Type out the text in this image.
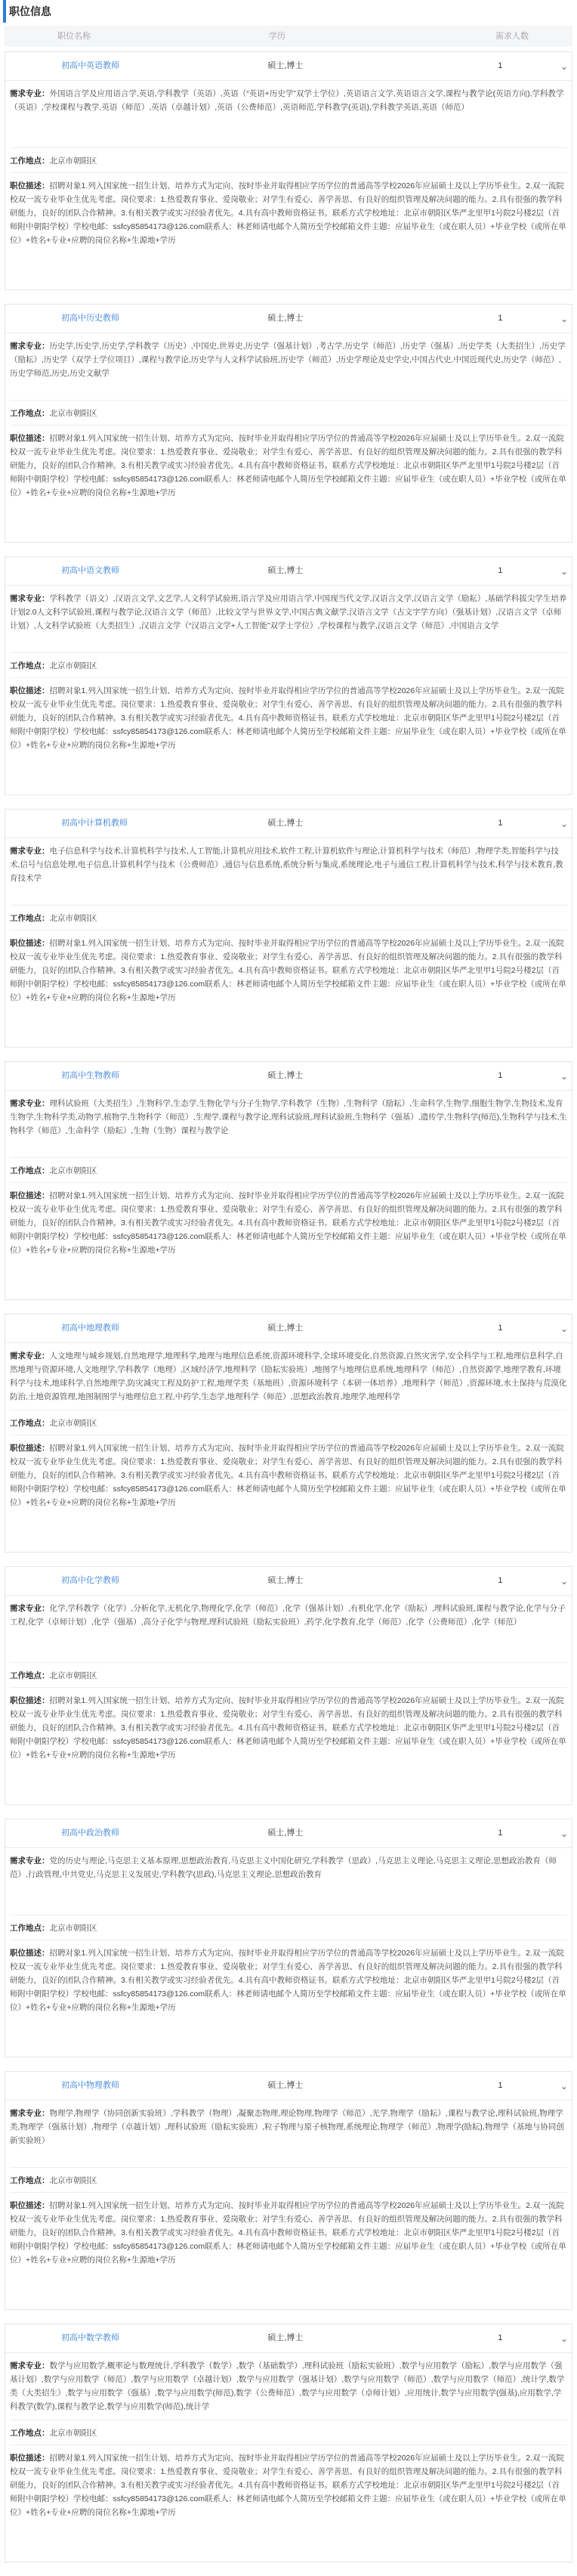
职位信息
职位名称	学历	需求人数
初高中英语教师	硕士,博士	1	⌄
需求专业：外国语言学及应用语言学,英语,学科教学（英语）,英语（“英语+历史学”双学士学位）,英语语言文学,英语语言文学,课程与教学论(英语方向),学科教学（英语）,学校课程与教学,英语（师范）,英语（卓越计划）,英语（公费师范）,英语师范,学科教学(英语),学科教学英语,英语（师范）
工作地点：北京市朝阳区
职位描述：招聘对象1.列入国家统一招生计划、培养方式为定向、按时毕业并取得相应学历学位的普通高等学校2026年应届硕士及以上学历毕业生。2.双一流院校双一流专业毕业生优先考虑。岗位要求：1.热爱教育事业、爱岗敬业；对学生有爱心、善学善思、有良好的组织管理及解决问题的能力。2.具有很强的教学科研能力，良好的团队合作精神。3.有相关教学或实习经验者优先。4.具有高中教师资格证书。联系方式学校地址：北京市朝阳区华严北里甲1号院2号楼2层（首师附中朝阳学校）学校电邮：ssfcy85854173@126.com联系人：林老师请电邮个人简历至学校邮箱文件主题：应届毕业生（或在职人员）+毕业学校（或所在单位）+姓名+专业+应聘的岗位名称+生源地+学历
初高中历史教师	硕士,博士	1	⌄
需求专业：历史学,历史学,历史学,学科教学（历史）,中国史,世界史,历史学（强基计划）,考古学,历史学（师范）,历史学（强基）,历史学类（大类招生）,历史学（励耘）,历史学（双学士学位项目）,课程与教学论,历史学与人文科学试验班,历史学（师范）,历史学理论及史学史,中国古代史,中国近现代史,历史学（师范）,历史学师范,历史,历史文献学
工作地点：北京市朝阳区
职位描述：招聘对象1.列入国家统一招生计划、培养方式为定向、按时毕业并取得相应学历学位的普通高等学校2026年应届硕士及以上学历毕业生。2.双一流院校双一流专业毕业生优先考虑。岗位要求：1.热爱教育事业、爱岗敬业；对学生有爱心、善学善思、有良好的组织管理及解决问题的能力。2.具有很强的教学科研能力，良好的团队合作精神。3.有相关教学或实习经验者优先。4.具有高中教师资格证书。联系方式学校地址：北京市朝阳区华严北里甲1号院2号楼2层（首师附中朝阳学校）学校电邮：ssfcy85854173@126.com联系人：林老师请电邮个人简历至学校邮箱文件主题：应届毕业生（或在职人员）+毕业学校（或所在单位）+姓名+专业+应聘的岗位名称+生源地+学历
初高中语文教师	硕士,博士	1	⌄
需求专业：学科教学（语文）,汉语言文学,文艺学,人文科学试验班,语言学及应用语言学,中国现当代文学,汉语言文学,汉语言文学（励耘）,基础学科拔尖学生培养计划2.0人文科学试验班,课程与教学论,汉语言文学（师范）,比较文学与世界文学,中国古典文献学,汉语言文学（古文字学方向）（强基计划）,汉语言文学（卓师计划）,人文科学试验班（大类招生）,汉语言文学（“汉语言文学+人工智能”双学士学位）,学校课程与教学,汉语言文学（师范）,中国语言文学
工作地点：北京市朝阳区
职位描述：招聘对象1.列入国家统一招生计划、培养方式为定向、按时毕业并取得相应学历学位的普通高等学校2026年应届硕士及以上学历毕业生。2.双一流院校双一流专业毕业生优先考虑。岗位要求：1.热爱教育事业、爱岗敬业；对学生有爱心、善学善思、有良好的组织管理及解决问题的能力。2.具有很强的教学科研能力，良好的团队合作精神。3.有相关教学或实习经验者优先。4.具有高中教师资格证书。联系方式学校地址：北京市朝阳区华严北里甲1号院2号楼2层（首师附中朝阳学校）学校电邮：ssfcy85854173@126.com联系人：林老师请电邮个人简历至学校邮箱文件主题：应届毕业生（或在职人员）+毕业学校（或所在单位）+姓名+专业+应聘的岗位名称+生源地+学历
初高中计算机教师	硕士,博士	1	⌄
需求专业：电子信息科学与技术,计算机科学与技术,人工智能,计算机应用技术,软件工程,计算机软件与理论,计算机科学与技术（师范）,物理学类,智能科学与技术,信号与信息处理,电子信息,计算机科学与技术（公费师范）,通信与信息系统,系统分析与集成,系统理论,电子与通信工程,计算机科学与技术,科学与技术教育,教育技术学
工作地点：北京市朝阳区
职位描述：招聘对象1.列入国家统一招生计划、培养方式为定向、按时毕业并取得相应学历学位的普通高等学校2026年应届硕士及以上学历毕业生。2.双一流院校双一流专业毕业生优先考虑。岗位要求：1.热爱教育事业、爱岗敬业；对学生有爱心、善学善思、有良好的组织管理及解决问题的能力。2.具有很强的教学科研能力，良好的团队合作精神。3.有相关教学或实习经验者优先。4.具有高中教师资格证书。联系方式学校地址：北京市朝阳区华严北里甲1号院2号楼2层（首师附中朝阳学校）学校电邮：ssfcy85854173@126.com联系人：林老师请电邮个人简历至学校邮箱文件主题：应届毕业生（或在职人员）+毕业学校（或所在单位）+姓名+专业+应聘的岗位名称+生源地+学历
初高中生物教师	硕士,博士	1	⌄
需求专业：理科试验班（大类招生）,生物科学,生态学,生物化学与分子生物学,学科教学（生物）,生物科学（励耘）,生命科学,生物学,细胞生物学,生物技术,发育生物学,生物科学类,动物学,植物学,生物科学（师范）,生理学,课程与教学论,理科试验班,理科试验班,生物科学（强基）,遗传学,生物科学(师范),生物科学与技术,生物科学（师范）,生命科学（励耘）,生物（生物）课程与教学论
工作地点：北京市朝阳区
职位描述：招聘对象1.列入国家统一招生计划、培养方式为定向、按时毕业并取得相应学历学位的普通高等学校2026年应届硕士及以上学历毕业生。2.双一流院校双一流专业毕业生优先考虑。岗位要求：1.热爱教育事业、爱岗敬业；对学生有爱心、善学善思、有良好的组织管理及解决问题的能力。2.具有很强的教学科研能力，良好的团队合作精神。3.有相关教学或实习经验者优先。4.具有高中教师资格证书。联系方式学校地址：北京市朝阳区华严北里甲1号院2号楼2层（首师附中朝阳学校）学校电邮：ssfcy85854173@126.com联系人：林老师请电邮个人简历至学校邮箱文件主题：应届毕业生（或在职人员）+毕业学校（或所在单位）+姓名+专业+应聘的岗位名称+生源地+学历
初高中地理教师	硕士,博士	1	⌄
需求专业：人文地理与城乡规划,自然地理学,地理科学,地理与地理信息系统,资源环境科学,全球环境变化,自然资源,自然灾害学,安全科学与工程,地理信息科学,自然地理与资源环境,人文地理学,学科教学（地理）,区域经济学,地理科学（励耘实验班）,地图学与地理信息系统,地理科学（师范）,自然资源学,地理学教育,环境科学与技术,地球科学,自然地理学,防灾减灾工程及防护工程,地理学类（基地班）,资源环境科学（本研一体培养）,地理科学（师范）,资源环境,水土保持与荒漠化防治,土地资源管理,地图制图学与地理信息工程,中药学,生态学,地理科学（师范）,思想政治教育,地理学,地理科学
工作地点：北京市朝阳区
职位描述：招聘对象1.列入国家统一招生计划、培养方式为定向、按时毕业并取得相应学历学位的普通高等学校2026年应届硕士及以上学历毕业生。2.双一流院校双一流专业毕业生优先考虑。岗位要求：1.热爱教育事业、爱岗敬业；对学生有爱心、善学善思、有良好的组织管理及解决问题的能力。2.具有很强的教学科研能力，良好的团队合作精神。3.有相关教学或实习经验者优先。4.具有高中教师资格证书。联系方式学校地址：北京市朝阳区华严北里甲1号院2号楼2层（首师附中朝阳学校）学校电邮：ssfcy85854173@126.com联系人：林老师请电邮个人简历至学校邮箱文件主题：应届毕业生（或在职人员）+毕业学校（或所在单位）+姓名+专业+应聘的岗位名称+生源地+学历
初高中化学教师	硕士,博士	1	⌄
需求专业：化学,学科教学（化学）,分析化学,无机化学,物理化学,化学（师范）,化学（强基计划）,有机化学,化学（励耘）,理科试验班,课程与教学论,化学与分子工程,化学（卓师计划）,化学（强基）,高分子化学与物理,理科试验班（励耘实验班）,药学,化学教育,化学（师范）,化学（公费师范）,化学（师范）
工作地点：北京市朝阳区
职位描述：招聘对象1.列入国家统一招生计划、培养方式为定向、按时毕业并取得相应学历学位的普通高等学校2026年应届硕士及以上学历毕业生。2.双一流院校双一流专业毕业生优先考虑。岗位要求：1.热爱教育事业、爱岗敬业；对学生有爱心、善学善思、有良好的组织管理及解决问题的能力。2.具有很强的教学科研能力，良好的团队合作精神。3.有相关教学或实习经验者优先。4.具有高中教师资格证书。联系方式学校地址：北京市朝阳区华严北里甲1号院2号楼2层（首师附中朝阳学校）学校电邮：ssfcy85854173@126.com联系人：林老师请电邮个人简历至学校邮箱文件主题：应届毕业生（或在职人员）+毕业学校（或所在单位）+姓名+专业+应聘的岗位名称+生源地+学历
初高中政治教师	硕士,博士	1	⌄
需求专业：党的历史与理论,马克思主义基本原理,思想政治教育,马克思主义中国化研究,学科教学（思政）,马克思主义理论,马克思主义理论,思想政治教育（师范）,行政管理,中共党史,马克思主义发展史,学科教学(思政),马克思主义理论,思想政治教育
工作地点：北京市朝阳区
职位描述：招聘对象1.列入国家统一招生计划、培养方式为定向、按时毕业并取得相应学历学位的普通高等学校2026年应届硕士及以上学历毕业生。2.双一流院校双一流专业毕业生优先考虑。岗位要求：1.热爱教育事业、爱岗敬业；对学生有爱心、善学善思、有良好的组织管理及解决问题的能力。2.具有很强的教学科研能力，良好的团队合作精神。3.有相关教学或实习经验者优先。4.具有高中教师资格证书。联系方式学校地址：北京市朝阳区华严北里甲1号院2号楼2层（首师附中朝阳学校）学校电邮：ssfcy85854173@126.com联系人：林老师请电邮个人简历至学校邮箱文件主题：应届毕业生（或在职人员）+毕业学校（或所在单位）+姓名+专业+应聘的岗位名称+生源地+学历
初高中物理教师	硕士,博士	1	⌄
需求专业：物理学,物理学（协同创新实验班）,学科教学（物理）,凝聚态物理,理论物理,物理学（师范）,光学,物理学（励耘）,课程与教学论,理科试验班,物理学类,物理学（强基计划）,物理学（卓越计划）,理科试验班（励耘实验班）,粒子物理与原子核物理,系统理论,物理学（师范）,物理学(励耘),物理学（基地与协同创新实验班）
工作地点：北京市朝阳区
职位描述：招聘对象1.列入国家统一招生计划、培养方式为定向、按时毕业并取得相应学历学位的普通高等学校2026年应届硕士及以上学历毕业生。2.双一流院校双一流专业毕业生优先考虑。岗位要求：1.热爱教育事业、爱岗敬业；对学生有爱心、善学善思、有良好的组织管理及解决问题的能力。2.具有很强的教学科研能力，良好的团队合作精神。3.有相关教学或实习经验者优先。4.具有高中教师资格证书。联系方式学校地址：北京市朝阳区华严北里甲1号院2号楼2层（首师附中朝阳学校）学校电邮：ssfcy85854173@126.com联系人：林老师请电邮个人简历至学校邮箱文件主题：应届毕业生（或在职人员）+毕业学校（或所在单位）+姓名+专业+应聘的岗位名称+生源地+学历
初高中数学教师	硕士,博士	1	⌄
需求专业：数学与应用数学,概率论与数理统计,学科教学（数学）,数学（基础数学）,理科试验班（励耘实验班）,数学与应用数学（励耘）,数学与应用数学（强基计划）,数学与应用数学（师范）,数学与应用数学（卓越计划）,数学与应用数学（强基计划）,数学与应用数学（师范）,数学与应用数学（师范）,统计学,数学类（大类招生）,数学与应用数学（强基）,数学与应用数学(师范),数学（公费师范）,数学与应用数学（卓师计划）,应用统计,数学与应用数学(强基),应用数学,学科教学(数学),课程与教学论,数学与应用数学(师范),统计学
工作地点：北京市朝阳区
职位描述：招聘对象1.列入国家统一招生计划、培养方式为定向、按时毕业并取得相应学历学位的普通高等学校2026年应届硕士及以上学历毕业生。2.双一流院校双一流专业毕业生优先考虑。岗位要求：1.热爱教育事业、爱岗敬业；对学生有爱心、善学善思、有良好的组织管理及解决问题的能力。2.具有很强的教学科研能力，良好的团队合作精神。3.有相关教学或实习经验者优先。4.具有高中教师资格证书。联系方式学校地址：北京市朝阳区华严北里甲1号院2号楼2层（首师附中朝阳学校）学校电邮：ssfcy85854173@126.com联系人：林老师请电邮个人简历至学校邮箱文件主题：应届毕业生（或在职人员）+毕业学校（或所在单位）+姓名+专业+应聘的岗位名称+生源地+学历
